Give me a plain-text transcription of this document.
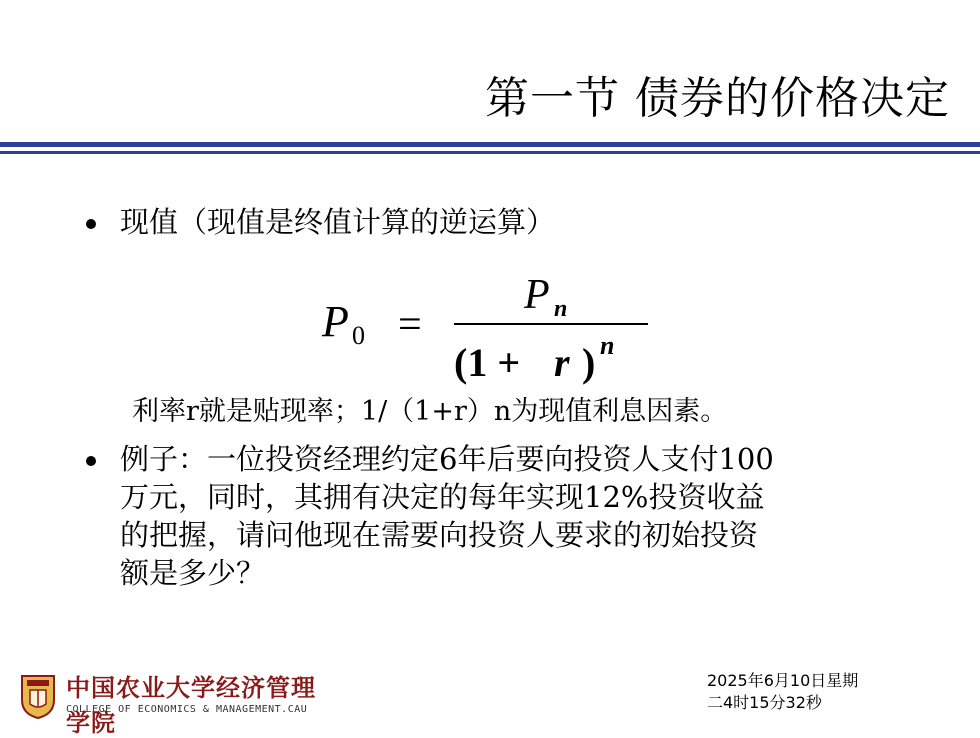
第一节 债券的价格决定
现值（现值是终值计算的逆运算）
P 0 =
P n
(1 + r ) n
利率r就是贴现率；1/（1+r）n为现值利息因素。
例子：一位投资经理约定6年后要向投资人支付100
万元，同时，其拥有决定的每年实现12%投资收益
的把握，请问他现在需要向投资人要求的初始投资
额是多少？
中国农业大学经济管理学院
COLLEGE OF ECONOMICS & MANAGEMENT.CAU
2025年6月10日星期
二4时15分32秒
